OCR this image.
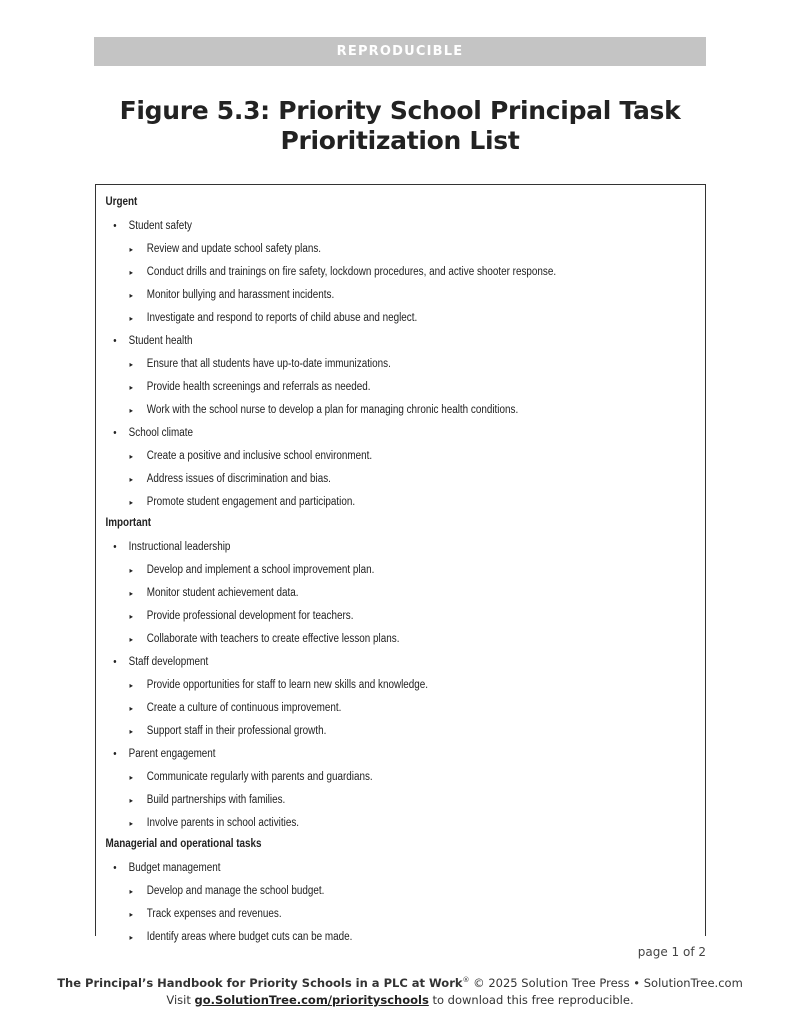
REPRODUCIBLE
Figure 5.3: Priority School Principal Task Prioritization List
Urgent
• Student safety
▸ Review and update school safety plans.
▸ Conduct drills and trainings on fire safety, lockdown procedures, and active shooter response.
▸ Monitor bullying and harassment incidents.
▸ Investigate and respond to reports of child abuse and neglect.
• Student health
▸ Ensure that all students have up-to-date immunizations.
▸ Provide health screenings and referrals as needed.
▸ Work with the school nurse to develop a plan for managing chronic health conditions.
• School climate
▸ Create a positive and inclusive school environment.
▸ Address issues of discrimination and bias.
▸ Promote student engagement and participation.
Important
• Instructional leadership
▸ Develop and implement a school improvement plan.
▸ Monitor student achievement data.
▸ Provide professional development for teachers.
▸ Collaborate with teachers to create effective lesson plans.
• Staff development
▸ Provide opportunities for staff to learn new skills and knowledge.
▸ Create a culture of continuous improvement.
▸ Support staff in their professional growth.
• Parent engagement
▸ Communicate regularly with parents and guardians.
▸ Build partnerships with families.
▸ Involve parents in school activities.
Managerial and operational tasks
• Budget management
▸ Develop and manage the school budget.
▸ Track expenses and revenues.
▸ Identify areas where budget cuts can be made.
page 1 of 2
The Principal’s Handbook for Priority Schools in a PLC at Work® © 2025 Solution Tree Press • SolutionTree.com
Visit go.SolutionTree.com/priorityschools to download this free reproducible.
